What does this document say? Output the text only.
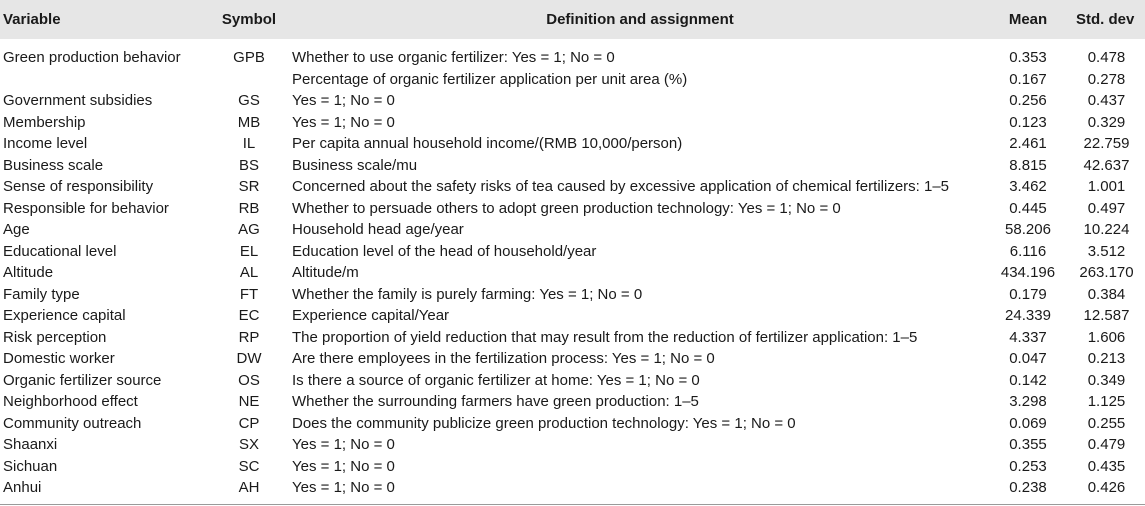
Variable	Symbol	Definition and assignment	Mean	Std. dev
Green production behavior	GPB	Whether to use organic fertilizer: Yes = 1; No = 0	0.353	0.478
		Percentage of organic fertilizer application per unit area (%)	0.167	0.278
Government subsidies	GS	Yes = 1; No = 0	0.256	0.437
Membership	MB	Yes = 1; No = 0	0.123	0.329
Income level	IL	Per capita annual household income/(RMB 10,000/person)	2.461	22.759
Business scale	BS	Business scale/mu	8.815	42.637
Sense of responsibility	SR	Concerned about the safety risks of tea caused by excessive application of chemical fertilizers: 1–5	3.462	1.001
Responsible for behavior	RB	Whether to persuade others to adopt green production technology: Yes = 1; No = 0	0.445	0.497
Age	AG	Household head age/year	58.206	10.224
Educational level	EL	Education level of the head of household/year	6.116	3.512
Altitude	AL	Altitude/m	434.196	263.170
Family type	FT	Whether the family is purely farming: Yes = 1; No = 0	0.179	0.384
Experience capital	EC	Experience capital/Year	24.339	12.587
Risk perception	RP	The proportion of yield reduction that may result from the reduction of fertilizer application: 1–5	4.337	1.606
Domestic worker	DW	Are there employees in the fertilization process: Yes = 1; No = 0	0.047	0.213
Organic fertilizer source	OS	Is there a source of organic fertilizer at home: Yes = 1; No = 0	0.142	0.349
Neighborhood effect	NE	Whether the surrounding farmers have green production: 1–5	3.298	1.125
Community outreach	CP	Does the community publicize green production technology: Yes = 1; No = 0	0.069	0.255
Shaanxi	SX	Yes = 1; No = 0	0.355	0.479
Sichuan	SC	Yes = 1; No = 0	0.253	0.435
Anhui	AH	Yes = 1; No = 0	0.238	0.426
